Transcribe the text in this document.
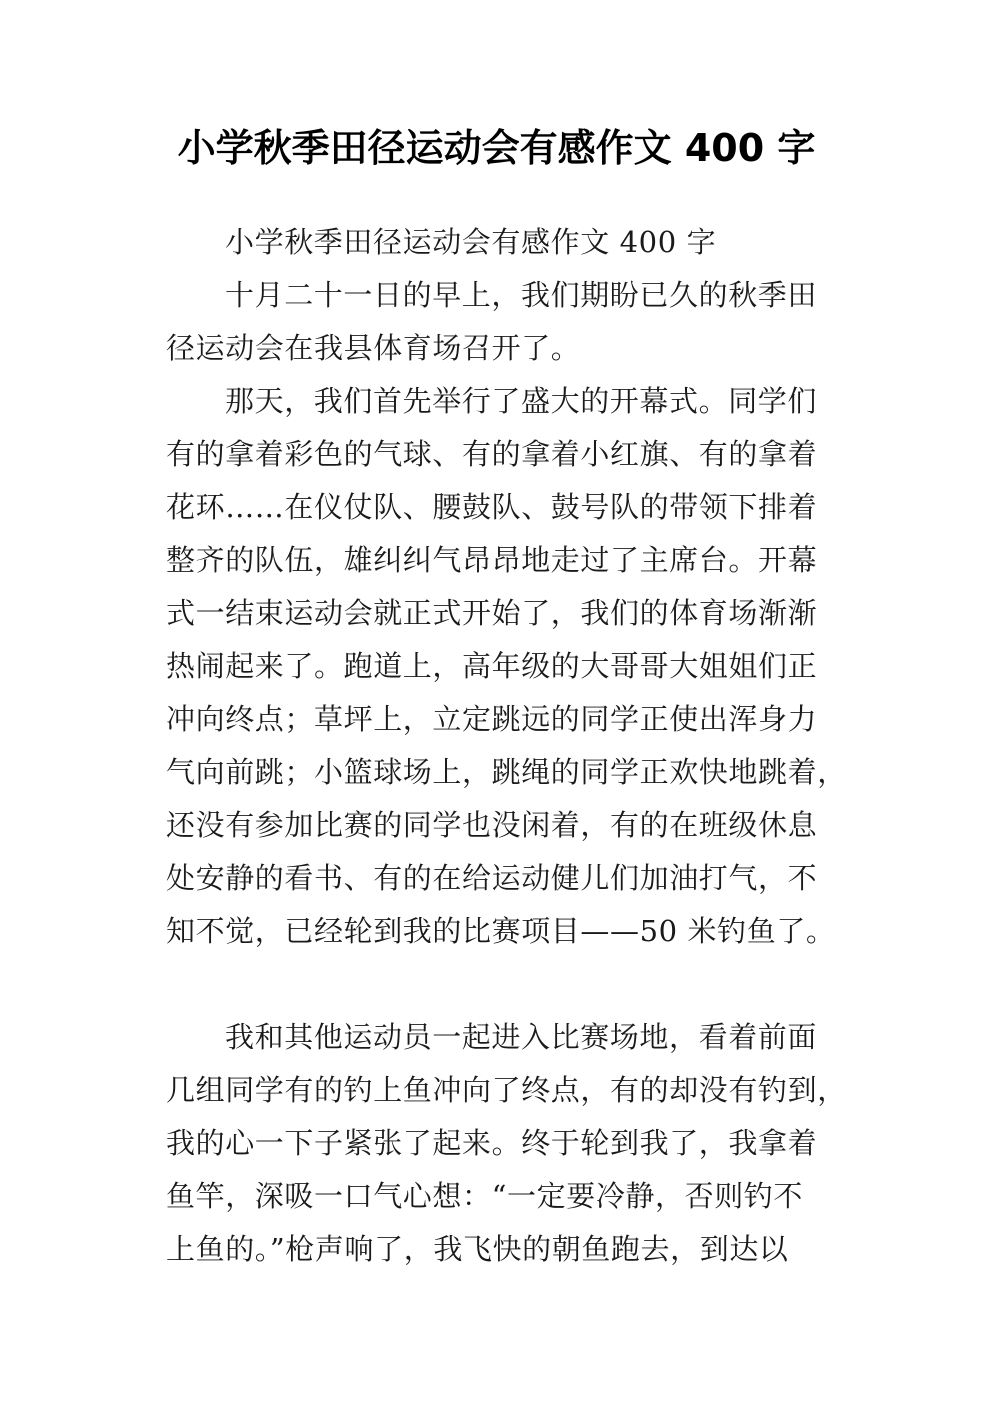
小学秋季田径运动会有感作文 400 字
小学秋季田径运动会有感作文 400 字
十月二十一日的早上，我们期盼已久的秋季田
径运动会在我县体育场召开了。
那天，我们首先举行了盛大的开幕式。同学们
有的拿着彩色的气球、有的拿着小红旗、有的拿着
花环……在仪仗队、腰鼓队、鼓号队的带领下排着
整齐的队伍，雄纠纠气昂昂地走过了主席台。开幕
式一结束运动会就正式开始了，我们的体育场渐渐
热闹起来了。跑道上，高年级的大哥哥大姐姐们正
冲向终点；草坪上，立定跳远的同学正使出浑身力
气向前跳；小篮球场上，跳绳的同学正欢快地跳着，
还没有参加比赛的同学也没闲着，有的在班级休息
处安静的看书、有的在给运动健儿们加油打气，不
知不觉，已经轮到我的比赛项目——50 米钓鱼了。
我和其他运动员一起进入比赛场地，看着前面
几组同学有的钓上鱼冲向了终点，有的却没有钓到，
我的心一下子紧张了起来。终于轮到我了，我拿着
鱼竿，深吸一口气心想：“一定要冷静，否则钓不
上鱼的。”枪声响了，我飞快的朝鱼跑去，到达以
